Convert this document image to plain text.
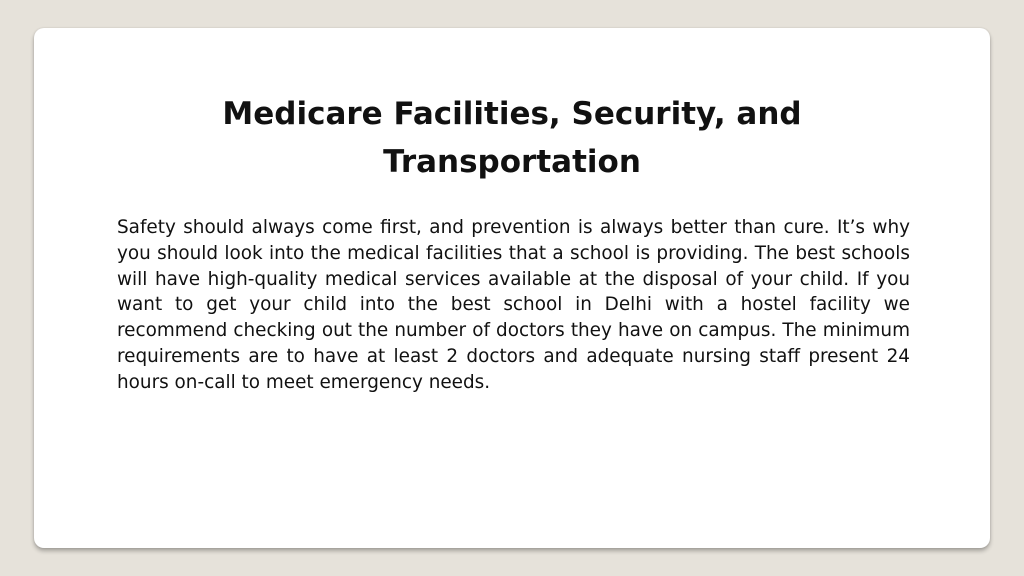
Medicare Facilities, Security, and
Transportation

Safety should always come first, and prevention is always better than cure. It’s why you should look into the medical facilities that a school is providing. The best schools will have high-quality medical services available at the disposal of your child. If you want to get your child into the best school in Delhi with a hostel facility we recommend checking out the number of doctors they have on campus. The minimum requirements are to have at least 2 doctors and adequate nursing staff present 24 hours on-call to meet emergency needs.
